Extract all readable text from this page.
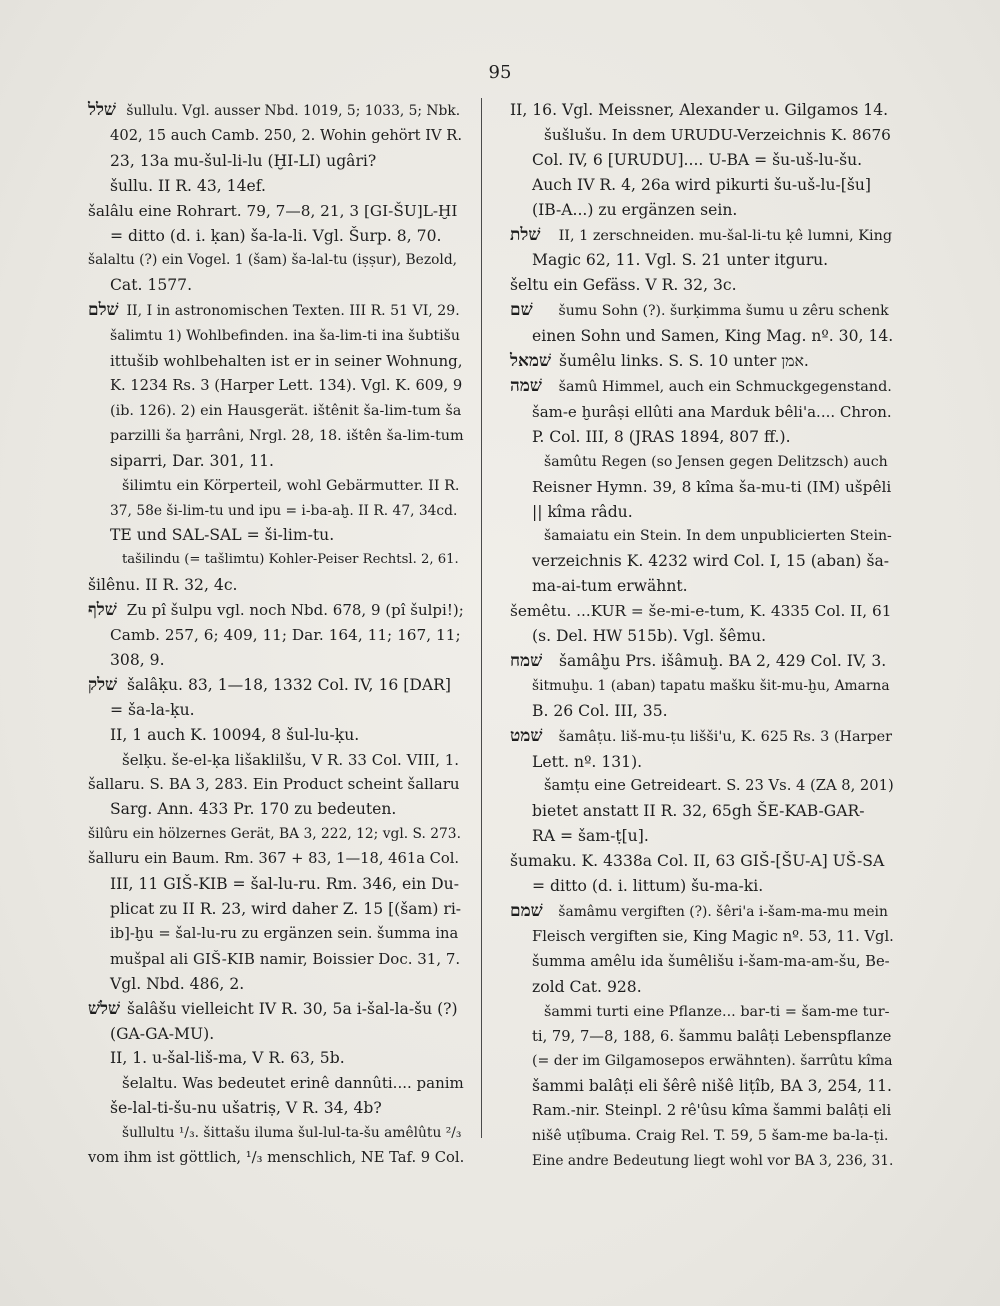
95
שׁלל šullulu. Vgl. ausser Nbd. 1019, 5; 1033, 5; Nbk.
402, 15 auch Camb. 250, 2. Wohin gehört IV R.
23, 13a mu-šul-li-lu (ḪI-LI) ugâri?
šullu. II R. 43, 14ef.
šalâlu eine Rohrart. 79, 7—8, 21, 3 [GI-ŠU]L-ḪI
= ditto (d. i. ḳan) ša-la-li. Vgl. Šurp. 8, 70.
šalaltu (?) ein Vogel. 1 (šam) ša-lal-tu (iṣṣur), Bezold,
Cat. 1577.
שׁלם II, I in astronomischen Texten. III R. 51 VI, 29.
šalimtu 1) Wohlbefinden. ina ša-lim-ti ina šubtišu
ittušib wohlbehalten ist er in seiner Wohnung,
K. 1234 Rs. 3 (Harper Lett. 134). Vgl. K. 609, 9
(ib. 126). 2) ein Hausgerät. ištênit ša-lim-tum ša
parzilli ša ḫarrâni, Nrgl. 28, 18. ištên ša-lim-tum
siparri, Dar. 301, 11.
šilimtu ein Körperteil, wohl Gebärmutter. II R.
37, 58e ši-lim-tu und ipu = i-ba-aḫ. II R. 47, 34cd.
TE und SAL-SAL = ši-lim-tu.
tašilindu (= tašlimtu) Kohler-Peiser Rechtsl. 2, 61.
šilênu. II R. 32, 4c.
שׁלף Zu pî šulpu vgl. noch Nbd. 678, 9 (pî šulpi!);
Camb. 257, 6; 409, 11; Dar. 164, 11; 167, 11;
308, 9.
שׁלק šalâḳu. 83, 1—18, 1332 Col. IV, 16 [DAR]
= ša-la-ḳu.
II, 1 auch K. 10094, 8 šul-lu-ḳu.
šelḳu. še-el-ḳa lišaklilšu, V R. 33 Col. VIII, 1.
šallaru. S. BA 3, 283. Ein Product scheint šallaru
Sarg. Ann. 433 Pr. 170 zu bedeuten.
šilûru ein hölzernes Gerät, BA 3, 222, 12; vgl. S. 273.
šalluru ein Baum. Rm. 367 + 83, 1—18, 461a Col.
III, 11 GIŠ-KIB = šal-lu-ru. Rm. 346, ein Du-
plicat zu II R. 23, wird daher Z. 15 [(šam) ri-
ib]-ḫu = šal-lu-ru zu ergänzen sein. šumma ina
mušpal ali GIŠ-KIB namir, Boissier Doc. 31, 7.
Vgl. Nbd. 486, 2.
שׁלשׁ šalâšu vielleicht IV R. 30, 5a i-šal-la-šu (?)
(GA-GA-MU).
II, 1. u-šal-liš-ma, V R. 63, 5b.
šelaltu. Was bedeutet erinê dannûti.... panim
še-lal-ti-šu-nu ušatriṣ, V R. 34, 4b?
šullultu ¹/₃. šittašu iluma šul-lul-ta-šu amêlûtu ²/₃
vom ihm ist göttlich, ¹/₃ menschlich, NE Taf. 9 Col.
II, 16. Vgl. Meissner, Alexander u. Gilgamos 14.
šušlušu. In dem URUDU-Verzeichnis K. 8676
Col. IV, 6 [URUDU].... U-BA = šu-uš-lu-šu.
Auch IV R. 4, 26a wird pikurti šu-uš-lu-[šu]
(IB-A...) zu ergänzen sein.
שׁלת II, 1 zerschneiden. mu-šal-li-tu ḳê lumni, King
Magic 62, 11. Vgl. S. 21 unter itguru.
šeltu ein Gefäss. V R. 32, 3c.
שׁם šumu Sohn (?). šurḳimma šumu u zêru schenk
einen Sohn und Samen, King Mag. nº. 30, 14.
שׁמאל šumêlu links. S. S. 10 unter אמן.
שׁמה šamû Himmel, auch ein Schmuckgegenstand.
šam-e ḫurâṣi ellûti ana Marduk bêli'a.... Chron.
P. Col. III, 8 (JRAS 1894, 807 ff.).
šamûtu Regen (so Jensen gegen Delitzsch) auch
Reisner Hymn. 39, 8 kîma ša-mu-ti (IM) ušpêli
|| kîma râdu.
šamaiatu ein Stein. In dem unpublicierten Stein-
verzeichnis K. 4232 wird Col. I, 15 (aban) ša-
ma-ai-tum erwähnt.
šemêtu. ...KUR = še-mi-e-tum, K. 4335 Col. II, 61
(s. Del. HW 515b). Vgl. šêmu.
שׁמח šamâḫu Prs. išâmuḫ. BA 2, 429 Col. IV, 3.
šitmuḫu. 1 (aban) tapatu mašku šit-mu-ḫu, Amarna
B. 26 Col. III, 35.
שׁמט šamâṭu. liš-mu-ṭu lišši'u, K. 625 Rs. 3 (Harper
Lett. nº. 131).
šamṭu eine Getreideart. S. 23 Vs. 4 (ZA 8, 201)
bietet anstatt II R. 32, 65gh ŠE-KAB-GAR-
RA = šam-ṭ[u].
šumaku. K. 4338a Col. II, 63 GIŠ-[ŠU-A] UŠ-SA
= ditto (d. i. littum) šu-ma-ki.
שׁמם šamâmu vergiften (?). šêri'a i-šam-ma-mu mein
Fleisch vergiften sie, King Magic nº. 53, 11. Vgl.
šumma amêlu ida šumêlišu i-šam-ma-am-šu, Be-
zold Cat. 928.
šammi turti eine Pflanze... bar-ti = šam-me tur-
ti, 79, 7—8, 188, 6. šammu balâṭi Lebenspflanze
(= der im Gilgamosepos erwähnten). šarrûtu kîma
šammi balâṭi eli šêrê nišê liṭîb, BA 3, 254, 11.
Ram.-nir. Steinpl. 2 rê'ûsu kîma šammi balâṭi eli
nišê uṭîbuma. Craig Rel. T. 59, 5 šam-me ba-la-ṭi.
Eine andre Bedeutung liegt wohl vor BA 3, 236, 31.
